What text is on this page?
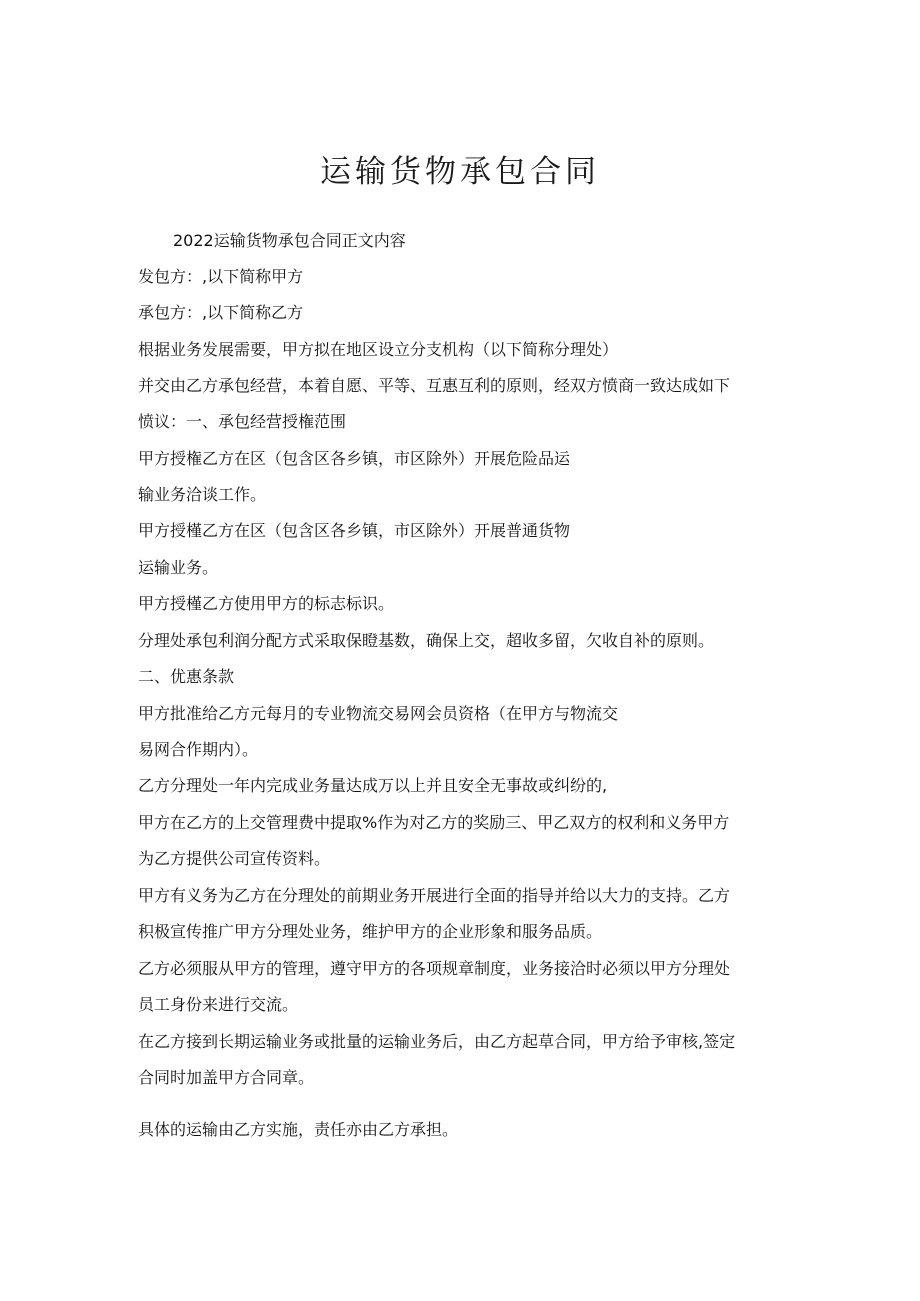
运输货物承包合同
2022运输货物承包合同正文内容
发包方：,以下简称甲方
承包方：,以下简称乙方
根据业务发展需要，甲方拟在地区设立分支机构（以下简称分理处）
并交由乙方承包经营，本着自愿、平等、互惠互利的原则，经双方愤商一致达成如下
愤议：一、承包经营授権范围
甲方授権乙方在区（包含区各乡镇，市区除外）开展危险品运
输业务洽谈工作。
甲方授槿乙方在区（包含区各乡镇，市区除外）开展普通货物
运输业务。
甲方授槿乙方使用甲方的标志标识。
分理处承包利润分配方式采取保瞪基数，确保上交，超收多留，欠收自补的原则。
二、优惠条款
甲方批准给乙方元每月的专业物流交易网会员资格（在甲方与物流交
易网合作期内）。
乙方分理处一年内完成业务量达成万以上并且安全无事故或纠纷的,
甲方在乙方的上交管理费中提取%作为对乙方的奖励三、甲乙双方的权利和义务甲方
为乙方提供公司宣传资料。
甲方有义务为乙方在分理处的前期业务开展进行全面的指导并给以大力的支持。乙方
积极宣传推广甲方分理处业务，维护甲方的企业形象和服务品质。
乙方必须服从甲方的管理，遵守甲方的各项规章制度，业务接洽时必须以甲方分理处
员工身份来进行交流。
在乙方接到长期运输业务或批量的运输业务后，由乙方起草合同，甲方给予审核,签定
合同时加盖甲方合同章。
具体的运输由乙方实施，责任亦由乙方承担。
